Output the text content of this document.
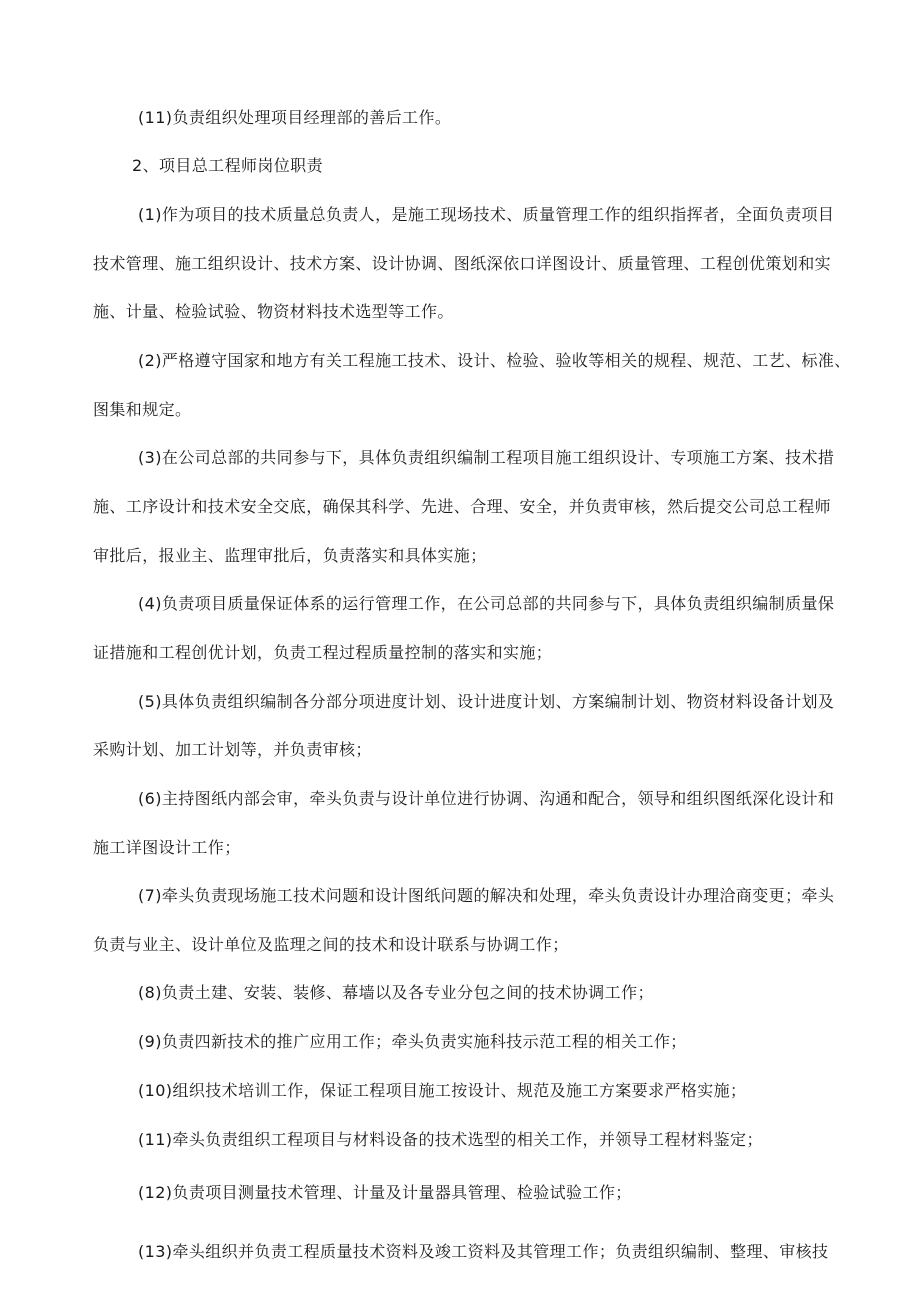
(11)负责组织处理项目经理部的善后工作。
2、项目总工程师岗位职责
(1)作为项目的技术质量总负责人，是施工现场技术、质量管理工作的组织指挥者，全面负责项目
技术管理、施工组织设计、技术方案、设计协调、图纸深依口详图设计、质量管理、工程创优策划和实
施、计量、检验试验、物资材料技术选型等工作。
(2)严格遵守国家和地方有关工程施工技术、设计、检验、验收等相关的规程、规范、工艺、标准、
图集和规定。
(3)在公司总部的共同参与下，具体负责组织编制工程项目施工组织设计、专项施工方案、技术措
施、工序设计和技术安全交底，确保其科学、先进、合理、安全，并负责审核，然后提交公司总工程师
审批后，报业主、监理审批后，负责落实和具体实施；
(4)负责项目质量保证体系的运行管理工作，在公司总部的共同参与下，具体负责组织编制质量保
证措施和工程创优计划，负责工程过程质量控制的落实和实施；
(5)具体负责组织编制各分部分项进度计划、设计进度计划、方案编制计划、物资材料设备计划及
采购计划、加工计划等，并负责审核；
(6)主持图纸内部会审，牵头负责与设计单位进行协调、沟通和配合，领导和组织图纸深化设计和
施工详图设计工作；
(7)牵头负责现场施工技术问题和设计图纸问题的解决和处理，牵头负责设计办理洽商变更；牵头
负责与业主、设计单位及监理之间的技术和设计联系与协调工作；
(8)负责土建、安装、装修、幕墙以及各专业分包之间的技术协调工作；
(9)负责四新技术的推广应用工作；牵头负责实施科技示范工程的相关工作；
(10)组织技术培训工作，保证工程项目施工按设计、规范及施工方案要求严格实施；
(11)牵头负责组织工程项目与材料设备的技术选型的相关工作，并领导工程材料鉴定；
(12)负责项目测量技术管理、计量及计量器具管理、检验试验工作；
(13)牵头组织并负责工程质量技术资料及竣工资料及其管理工作；负责组织编制、整理、审核技
